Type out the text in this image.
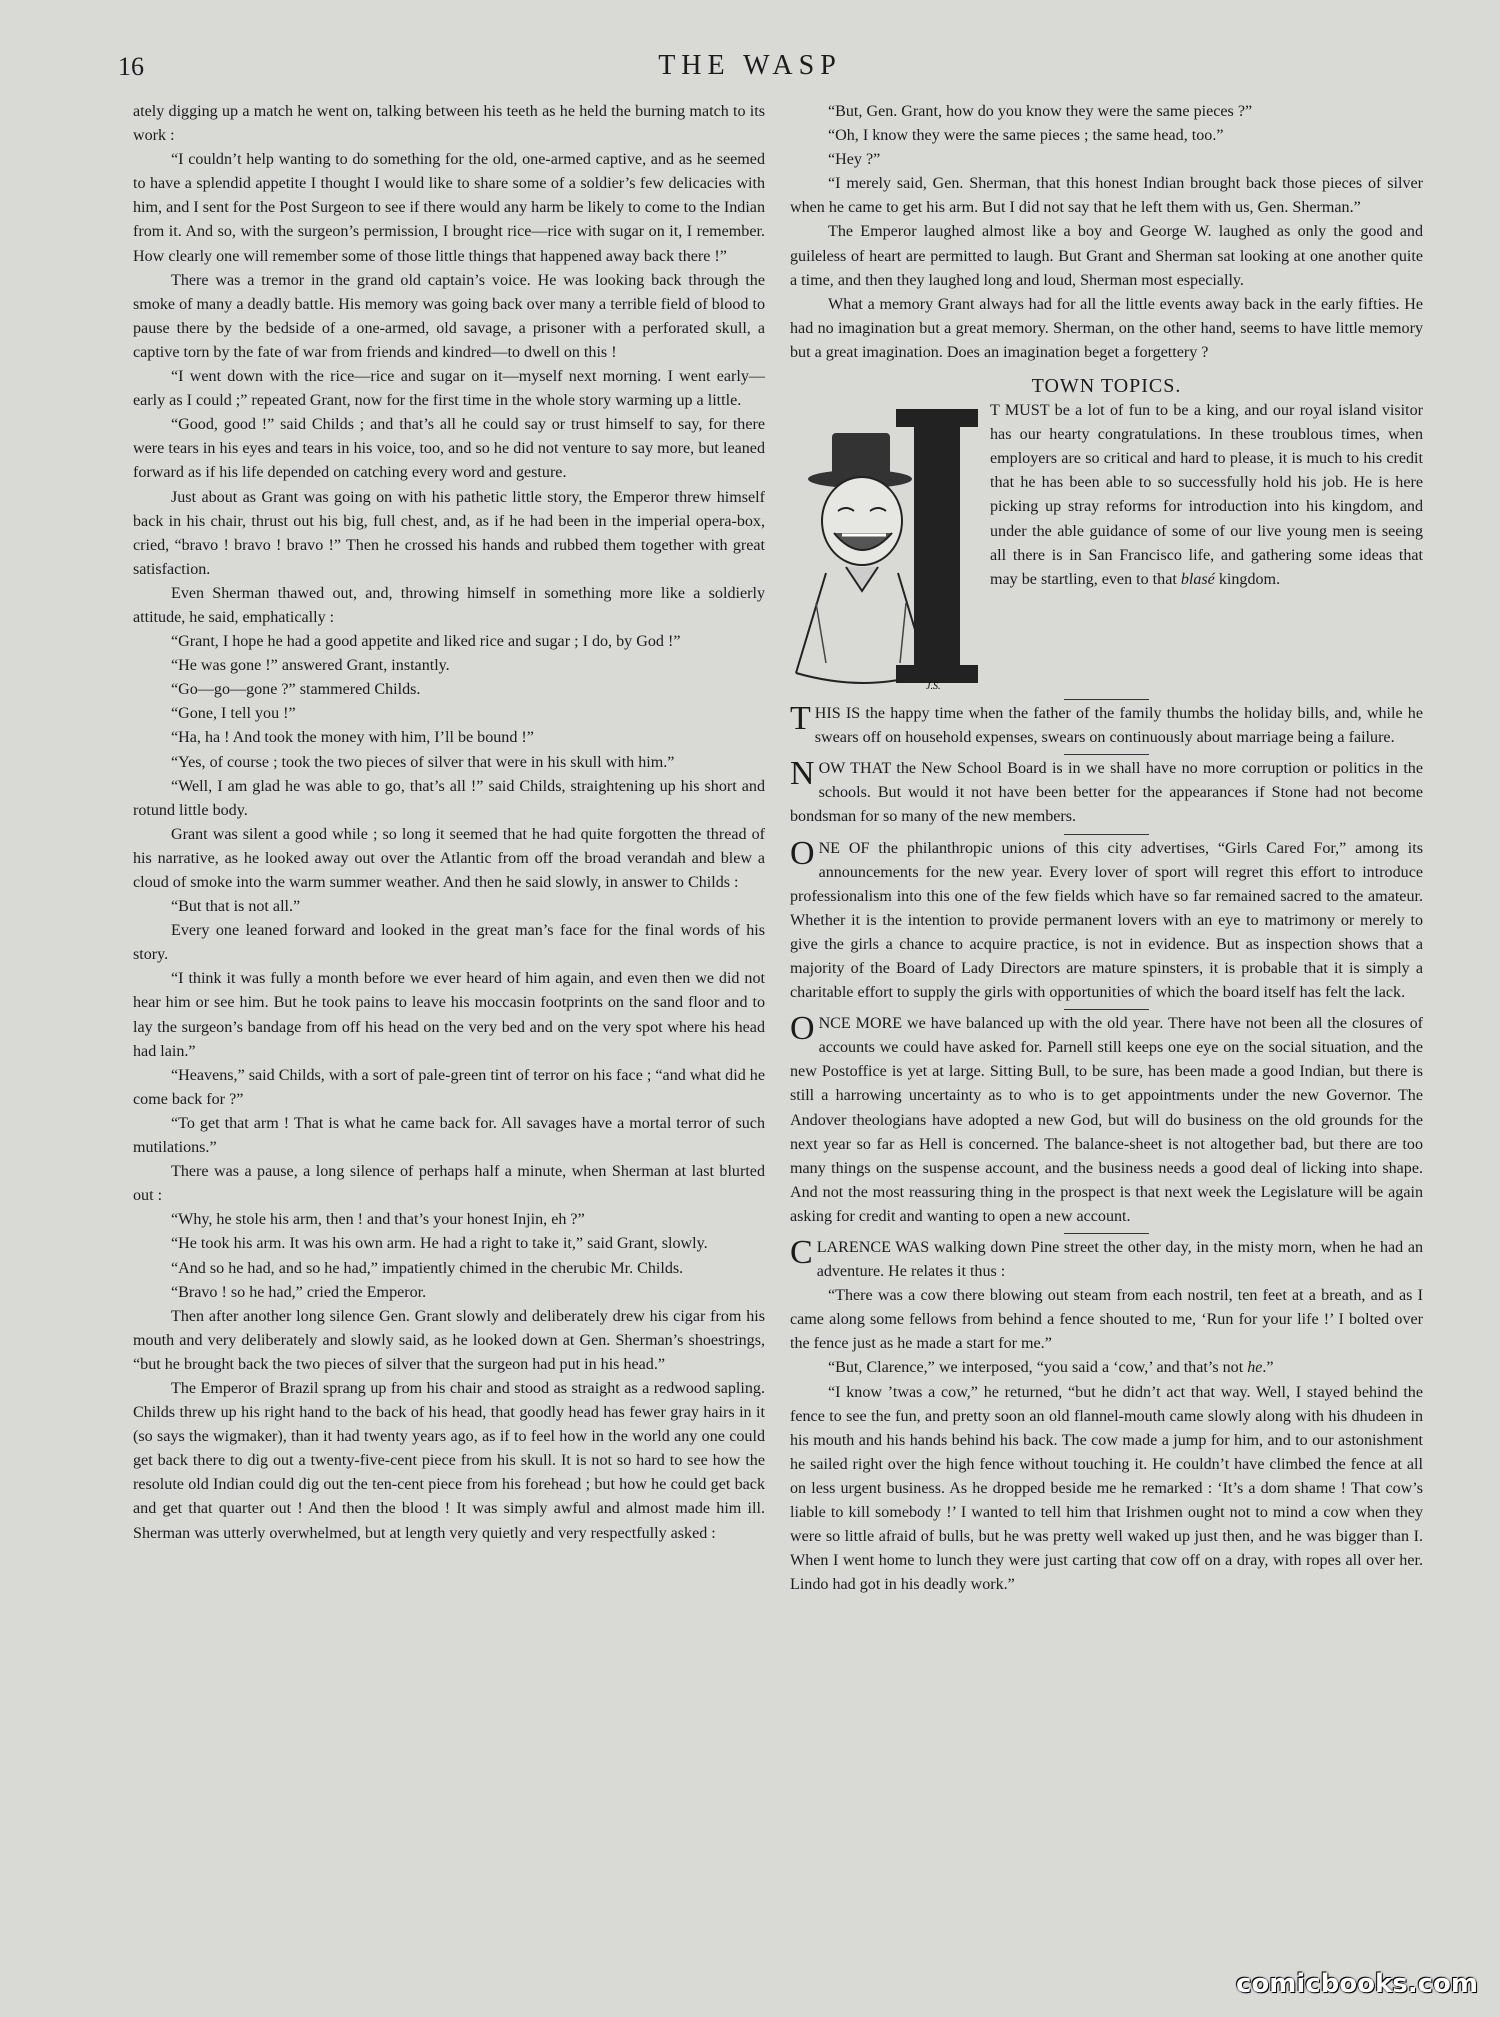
16	THE WASP

ately digging up a match he went on, talking between his teeth as he held the burning match to its work :

“I couldn’t help wanting to do something for the old, one-armed captive, and as he seemed to have a splendid appetite I thought I would like to share some of a soldier’s few delicacies with him, and I sent for the Post Surgeon to see if there would any harm be likely to come to the Indian from it. And so, with the surgeon’s permission, I brought rice—rice with sugar on it, I remember. How clearly one will remember some of those little things that happened away back there !”

There was a tremor in the grand old captain’s voice. He was looking back through the smoke of many a deadly battle. His memory was going back over many a terrible field of blood to pause there by the bedside of a one-armed, old savage, a prisoner with a perforated skull, a captive torn by the fate of war from friends and kindred—to dwell on this !

“I went down with the rice—rice and sugar on it—myself next morning. I went early—early as I could ;” repeated Grant, now for the first time in the whole story warming up a little.

“Good, good !” said Childs ; and that’s all he could say or trust himself to say, for there were tears in his eyes and tears in his voice, too, and so he did not venture to say more, but leaned forward as if his life depended on catching every word and gesture.

Just about as Grant was going on with his pathetic little story, the Emperor threw himself back in his chair, thrust out his big, full chest, and, as if he had been in the imperial opera-box, cried, “bravo ! bravo ! bravo !” Then he crossed his hands and rubbed them together with great satisfaction.

Even Sherman thawed out, and, throwing himself in something more like a soldierly attitude, he said, emphatically :

“Grant, I hope he had a good appetite and liked rice and sugar ; I do, by God !”

“He was gone !” answered Grant, instantly.

“Go—go—gone ?” stammered Childs.

“Gone, I tell you !”

“Ha, ha ! And took the money with him, I’ll be bound !”

“Yes, of course ; took the two pieces of silver that were in his skull with him.”

“Well, I am glad he was able to go, that’s all !” said Childs, straightening up his short and rotund little body.

Grant was silent a good while ; so long it seemed that he had quite forgotten the thread of his narrative, as he looked away out over the Atlantic from off the broad verandah and blew a cloud of smoke into the warm summer weather. And then he said slowly, in answer to Childs :

“But that is not all.”

Every one leaned forward and looked in the great man’s face for the final words of his story.

“I think it was fully a month before we ever heard of him again, and even then we did not hear him or see him. But he took pains to leave his moccasin footprints on the sand floor and to lay the surgeon’s bandage from off his head on the very bed and on the very spot where his head had lain.”

“Heavens,” said Childs, with a sort of pale-green tint of terror on his face ; “and what did he come back for ?”

“To get that arm ! That is what he came back for. All savages have a mortal terror of such mutilations.”

There was a pause, a long silence of perhaps half a minute, when Sherman at last blurted out :

“Why, he stole his arm, then ! and that’s your honest Injin, eh ?”

“He took his arm. It was his own arm. He had a right to take it,” said Grant, slowly.

“And so he had, and so he had,” impatiently chimed in the cherubic Mr. Childs.

“Bravo ! so he had,” cried the Emperor.

Then after another long silence Gen. Grant slowly and deliberately drew his cigar from his mouth and very deliberately and slowly said, as he looked down at Gen. Sherman’s shoestrings, “but he brought back the two pieces of silver that the surgeon had put in his head.”

The Emperor of Brazil sprang up from his chair and stood as straight as a redwood sapling. Childs threw up his right hand to the back of his head, that goodly head has fewer gray hairs in it (so says the wigmaker), than it had twenty years ago, as if to feel how in the world any one could get back there to dig out a twenty-five-cent piece from his skull. It is not so hard to see how the resolute old Indian could dig out the ten-cent piece from his forehead ; but how he could get back and get that quarter out ! And then the blood ! It was simply awful and almost made him ill. Sherman was utterly overwhelmed, but at length very quietly and very respectfully asked :

“But, Gen. Grant, how do you know they were the same pieces ?”

“Oh, I know they were the same pieces ; the same head, too.”

“Hey ?”

“I merely said, Gen. Sherman, that this honest Indian brought back those pieces of silver when he came to get his arm. But I did not say that he left them with us, Gen. Sherman.”

The Emperor laughed almost like a boy and George W. laughed as only the good and guileless of heart are permitted to laugh. But Grant and Sherman sat looking at one another quite a time, and then they laughed long and loud, Sherman most especially.

What a memory Grant always had for all the little events away back in the early fifties. He had no imagination but a great memory. Sherman, on the other hand, seems to have little memory but a great imagination. Does an imagination beget a forgettery ?

TOWN TOPICS.
J.S.

T MUST be a lot of fun to be a king, and our royal island visitor has our hearty congratulations. In these troublous times, when employers are so critical and hard to please, it is much to his credit that he has been able to so successfully hold his job. He is here picking up stray reforms for introduction into his kingdom, and under the able guidance of some of our live young men is seeing all there is in San Francisco life, and gathering some ideas that may be startling, even to that blasé kingdom.

THIS IS the happy time when the father of the family thumbs the holiday bills, and, while he swears off on household expenses, swears on continuously about marriage being a failure.

NOW THAT the New School Board is in we shall have no more corruption or politics in the schools. But would it not have been better for the appearances if Stone had not become bondsman for so many of the new members.

ONE OF the philanthropic unions of this city advertises, “Girls Cared For,” among its announcements for the new year. Every lover of sport will regret this effort to introduce professionalism into this one of the few fields which have so far remained sacred to the amateur. Whether it is the intention to provide permanent lovers with an eye to matrimony or merely to give the girls a chance to acquire practice, is not in evidence. But as inspection shows that a majority of the Board of Lady Directors are mature spinsters, it is probable that it is simply a charitable effort to supply the girls with opportunities of which the board itself has felt the lack.

ONCE MORE we have balanced up with the old year. There have not been all the closures of accounts we could have asked for. Parnell still keeps one eye on the social situation, and the new Postoffice is yet at large. Sitting Bull, to be sure, has been made a good Indian, but there is still a harrowing uncertainty as to who is to get appointments under the new Governor. The Andover theologians have adopted a new God, but will do business on the old grounds for the next year so far as Hell is concerned. The balance-sheet is not altogether bad, but there are too many things on the suspense account, and the business needs a good deal of licking into shape. And not the most reassuring thing in the prospect is that next week the Legislature will be again asking for credit and wanting to open a new account.

CLARENCE WAS walking down Pine street the other day, in the misty morn, when he had an adventure. He relates it thus :

“There was a cow there blowing out steam from each nostril, ten feet at a breath, and as I came along some fellows from behind a fence shouted to me, ‘Run for your life !’ I bolted over the fence just as he made a start for me.”

“But, Clarence,” we interposed, “you said a ‘cow,’ and that’s not he.”

“I know ’twas a cow,” he returned, “but he didn’t act that way. Well, I stayed behind the fence to see the fun, and pretty soon an old flannel-mouth came slowly along with his dhudeen in his mouth and his hands behind his back. The cow made a jump for him, and to our astonishment he sailed right over the high fence without touching it. He couldn’t have climbed the fence at all on less urgent business. As he dropped beside me he remarked : ‘It’s a dom shame ! That cow’s liable to kill somebody !’ I wanted to tell him that Irishmen ought not to mind a cow when they were so little afraid of bulls, but he was pretty well waked up just then, and he was bigger than I. When I went home to lunch they were just carting that cow off on a dray, with ropes all over her. Lindo had got in his deadly work.”

comicbooks.com
